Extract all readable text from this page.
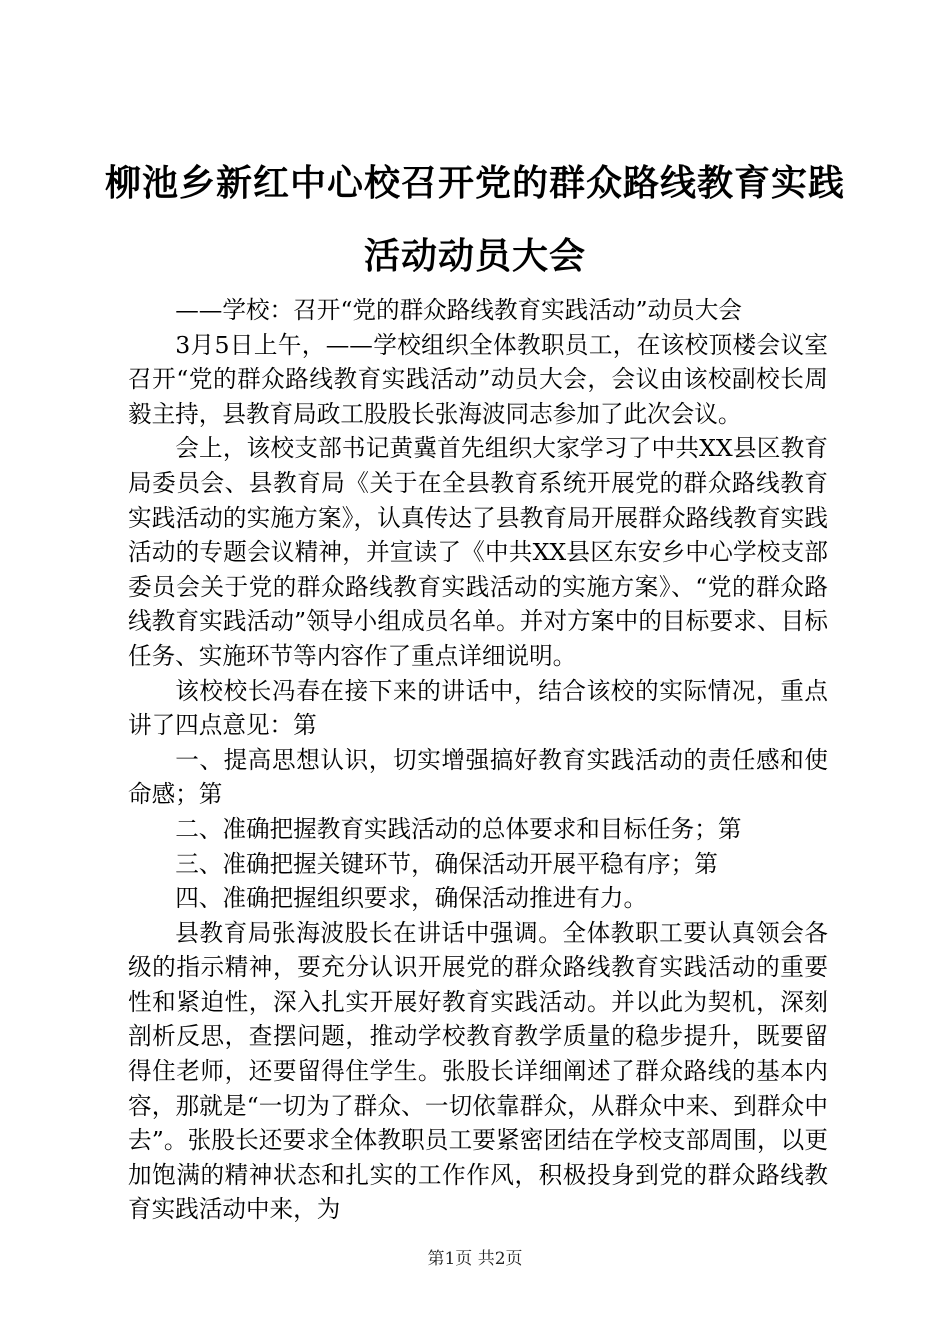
柳池乡新红中心校召开党的群众路线教育实践
活动动员大会

——学校：召开“党的群众路线教育实践活动”动员大会

3月5日上午，——学校组织全体教职员工，在该校顶楼会议室召开“党的群众路线教育实践活动”动员大会，会议由该校副校长周毅主持，县教育局政工股股长张海波同志参加了此次会议。

会上，该校支部书记黄冀首先组织大家学习了中共XX县区教育局委员会、县教育局《关于在全县教育系统开展党的群众路线教育实践活动的实施方案》，认真传达了县教育局开展群众路线教育实践活动的专题会议精神，并宣读了《中共XX县区东安乡中心学校支部委员会关于党的群众路线教育实践活动的实施方案》、“党的群众路线教育实践活动”领导小组成员名单。并对方案中的目标要求、目标任务、实施环节等内容作了重点详细说明。

该校校长冯春在接下来的讲话中，结合该校的实际情况，重点讲了四点意见：第

一、提高思想认识，切实增强搞好教育实践活动的责任感和使命感；第

二、准确把握教育实践活动的总体要求和目标任务；第

三、准确把握关键环节，确保活动开展平稳有序；第

四、准确把握组织要求，确保活动推进有力。

县教育局张海波股长在讲话中强调。全体教职工要认真领会各级的指示精神，要充分认识开展党的群众路线教育实践活动的重要性和紧迫性，深入扎实开展好教育实践活动。并以此为契机，深刻剖析反思，查摆问题，推动学校教育教学质量的稳步提升，既要留得住老师，还要留得住学生。张股长详细阐述了群众路线的基本内容，那就是“一切为了群众、一切依靠群众，从群众中来、到群众中去”。张股长还要求全体教职员工要紧密团结在学校支部周围，以更加饱满的精神状态和扎实的工作作风，积极投身到党的群众路线教育实践活动中来，为

第1页 共2页
